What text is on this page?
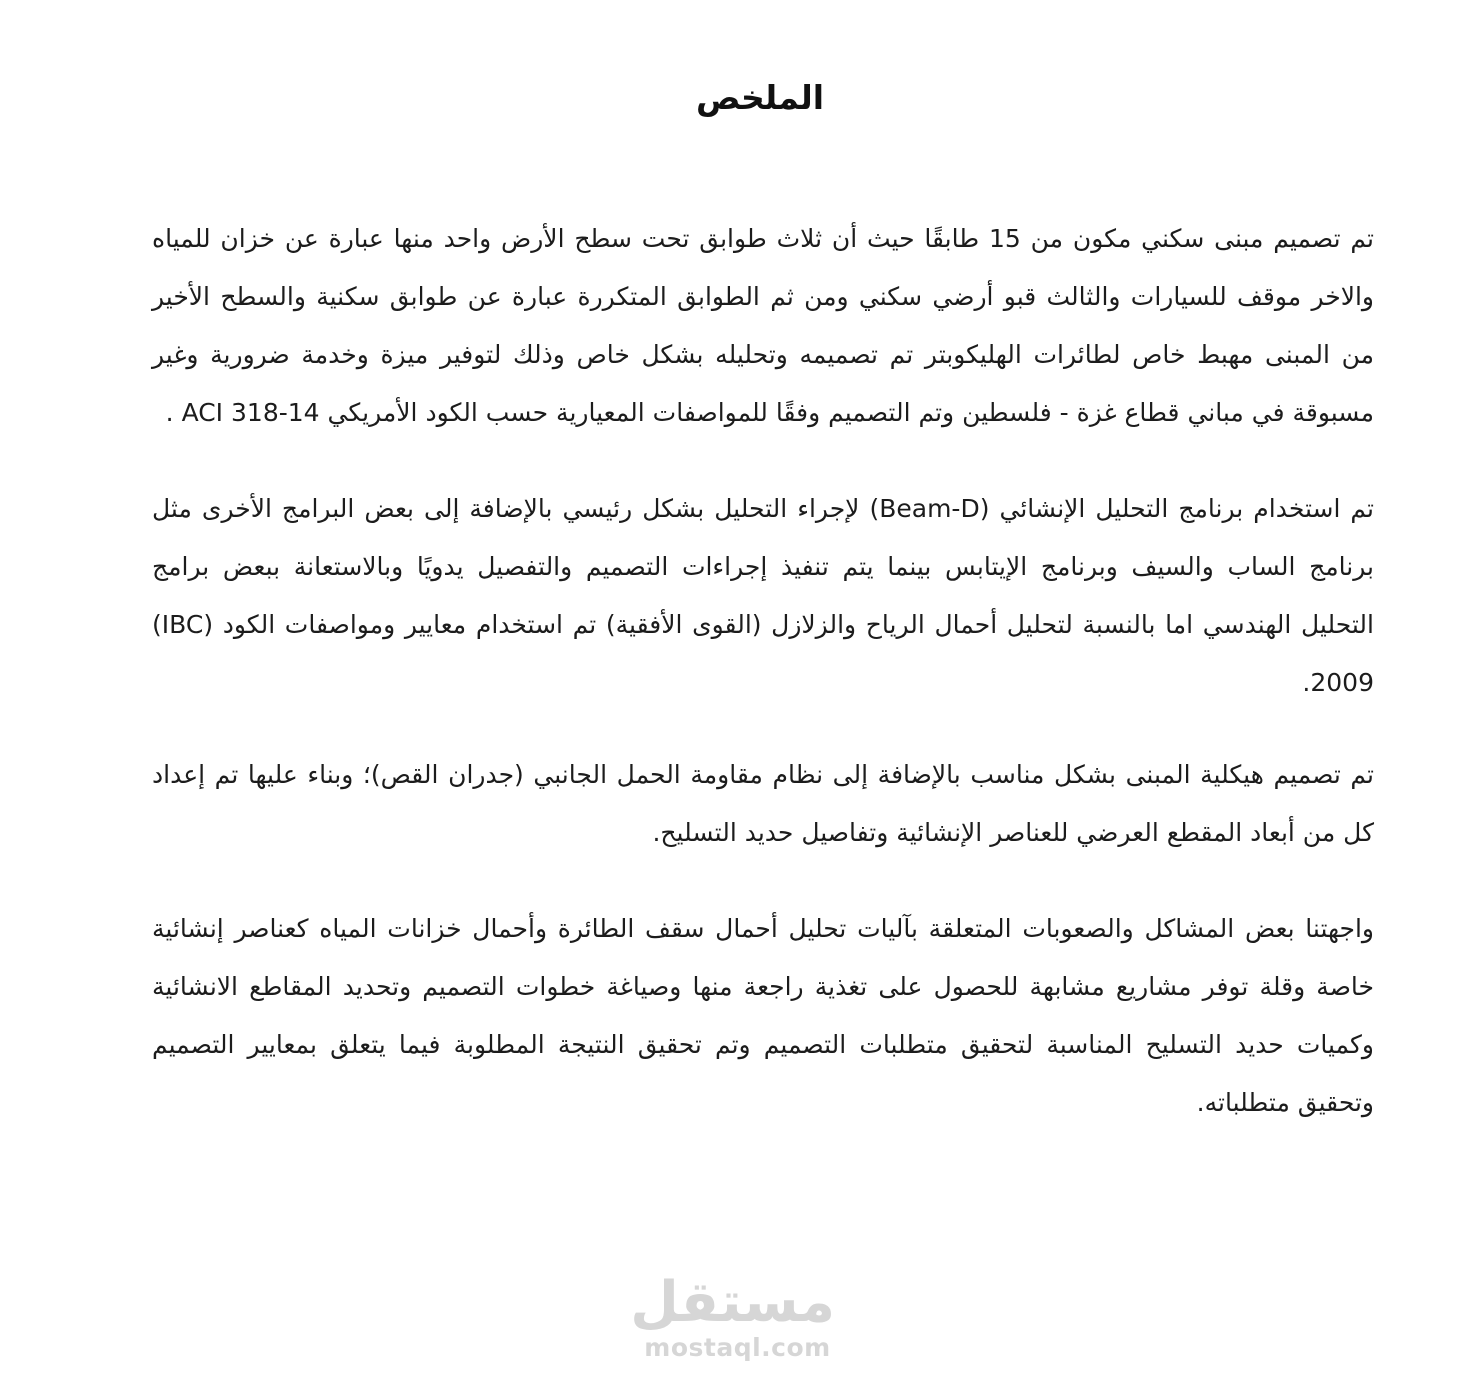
الملخص

تم تصميم مبنى سكني مكون من 15 طابقًا حيث أن ثلاث طوابق تحت سطح الأرض واحد منها عبارة عن خزان للمياه والاخر موقف للسيارات والثالث قبو أرضي سكني ومن ثم الطوابق المتكررة عبارة عن طوابق سكنية والسطح الأخير من المبنى مهبط خاص لطائرات الهليكوبتر تم تصميمه وتحليله بشكل خاص وذلك لتوفير ميزة وخدمة ضرورية وغير مسبوقة في مباني قطاع غزة - فلسطين وتم التصميم وفقًا للمواصفات المعيارية حسب الكود الأمريكي ACI 318-14 .

تم استخدام برنامج التحليل الإنشائي (Beam-D) لإجراء التحليل بشكل رئيسي بالإضافة إلى بعض البرامج الأخرى مثل برنامج الساب والسيف وبرنامج الإيتابس بينما يتم تنفيذ إجراءات التصميم والتفصيل يدويًا وبالاستعانة ببعض برامج التحليل الهندسي اما بالنسبة لتحليل أحمال الرياح والزلازل (القوى الأفقية) تم استخدام معايير ومواصفات الكود (IBC) 2009.

تم تصميم هيكلية المبنى بشكل مناسب بالإضافة إلى نظام مقاومة الحمل الجانبي (جدران القص)؛ وبناء عليها تم إعداد كل من أبعاد المقطع العرضي للعناصر الإنشائية وتفاصيل حديد التسليح.

واجهتنا بعض المشاكل والصعوبات المتعلقة بآليات تحليل أحمال سقف الطائرة وأحمال خزانات المياه كعناصر إنشائية خاصة وقلة توفر مشاريع مشابهة للحصول على تغذية راجعة منها وصياغة خطوات التصميم وتحديد المقاطع الانشائية وكميات حديد التسليح المناسبة لتحقيق متطلبات التصميم وتم تحقيق النتيجة المطلوبة فيما يتعلق بمعايير التصميم وتحقيق متطلباته.

مستقل
mostaql.com
